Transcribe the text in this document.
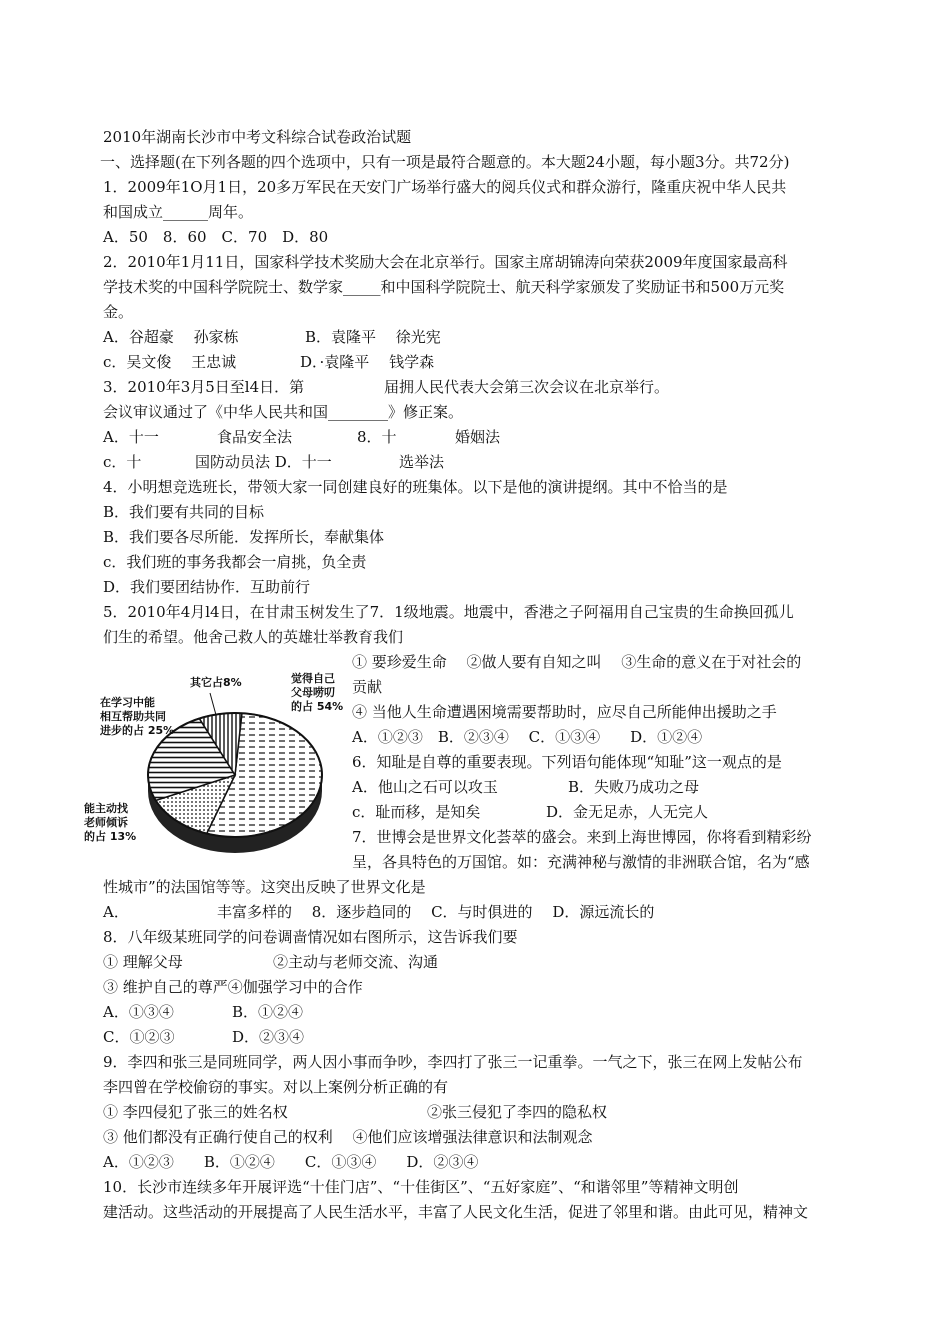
2010年湖南长沙市中考文科综合试卷政治试题
一、选择题(在下列各题的四个选项中，只有一项是最符合题意的。本大题24小题，每小题3分。共72分)
1．2009年1O月1日，20多万军民在天安门广场举行盛大的阅兵仪式和群众游行，隆重庆祝中华人民共
和国成立______周年。
A．50　8．60　C．70　D．80
2．2010年1月11日，国家科学技术奖励大会在北京举行。国家主席胡锦涛向荣获2009年度国家最高科
学技术奖的中国科学院院士、数学家_____和中国科学院院士、航天科学家颁发了奖励证书和500万元奖
金。
A．谷超豪　 孙家栋	B．袁隆平　 徐光宪
c．吴文俊　 王忠诚	D．·袁隆平　 钱学森
3．2010年3月5日至l4日．第	届拥人民代表大会第三次会议在北京举行。
会议审议通过了《中华人民共和国________》修正案。
A．十一	食品安全法	8．十	婚姻法
c．十	国防动员法 D．十一	选举法
4．小明想竞选班长，带领大家一同创建良好的班集体。以下是他的演讲提纲。其中不恰当的是
B．我们要有共同的目标
B．我们要各尽所能．发挥所长，奉献集体
c．我们班的事务我都会一肩挑，负全责
D．我们要团结协作．互助前行
5．2010年4月l4日，在甘肃玉树发生了7．1级地震。地震中，香港之子阿福用自己宝贵的生命换回孤儿
们生的希望。他舍己救人的英雄壮举教育我们
① 要珍爱生命　 ②做人要有自知之叫　 ③生命的意义在于对社会的
贡献
④ 当他人生命遭遇困境需要帮助时，应尽自己所能伸出援助之手
A．①②③　B．②③④　 C．①③④　　D．①②④
6．知耻是自尊的重要表现。下列语句能体现“知耻”这一观点的是
A．他山之石可以攻玉	B．失败乃成功之母
c．耻而移，是知矣	D．金无足赤，人无完人
7．世博会是世界文化荟萃的盛会。来到上海世博园，你将看到精彩纷
呈，各具特色的万国馆。如：充满神秘与激情的非洲联合馆，名为“感
性城市”的法国馆等等。这突出反映了世界文化是
A．	丰富多样的　 8．逐步趋同的　 C．与时俱进的　 D．源远流长的
8．八年级某班同学的问卷调啬情况如右图所示，这告诉我们要
① 理解父母	②主动与老师交流、沟通
③ 维护自己的尊严④伽强学习中的合作
A．①③④	B．①②④
C．①②③	D．②③④
9．李四和张三是同班同学，两人因小事而争吵，李四打了张三一记重拳。一气之下，张三在网上发帖公布
李四曾在学校偷窃的事实。对以上案例分析正确的有
① 李四侵犯了张三的姓名权	②张三侵犯了李四的隐私权
③ 他们都没有正确行使自己的权利　 ④他们应该增强法律意识和法制观念
A．①②③　　B．①②④　　C．①③④　　D．②③④
10．长沙市连续多年开展评选“十佳门店”、“十佳街区”、“五好家庭”、“和谐邻里”等精神文明创
建活动。这些活动的开展提高了人民生活水平，丰富了人民文化生活，促进了邻里和谐。由此可见，精神文
其它占8%	觉得自己
父母唠叨
的占 54%
在学习中能
相互帮助共同
进步的占 25%
能主动找
老师倾诉
的占 13%
